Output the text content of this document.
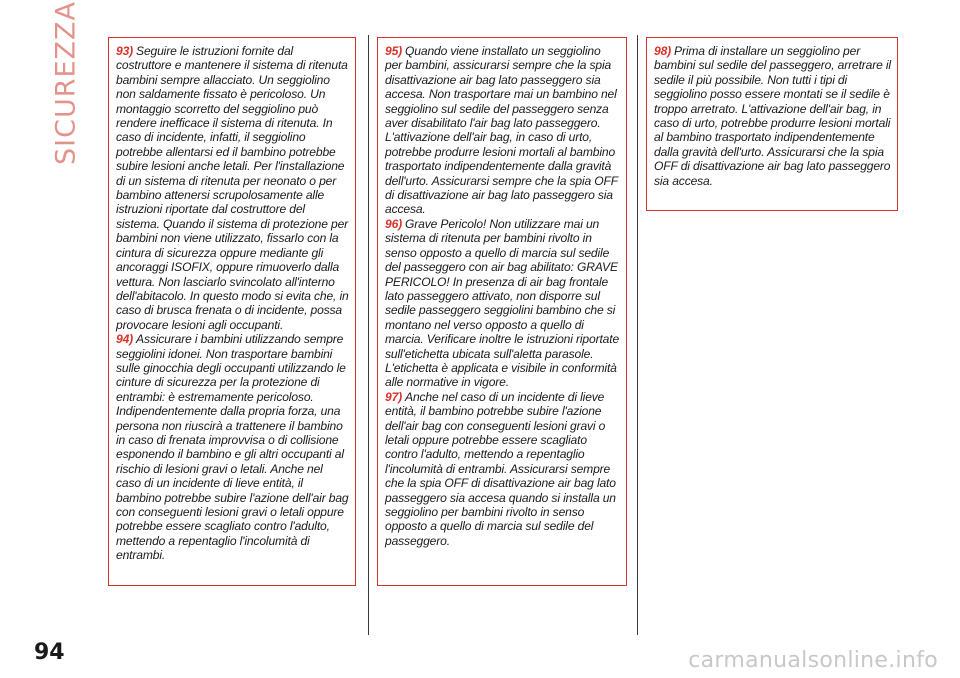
SICUREZZA	93) Seguire le istruzioni fornite dal costruttore e mantenere il sistema di ritenuta bambini sempre allacciato. Un seggiolino non saldamente fissato è pericoloso. Un montaggio scorretto del seggiolino può rendere inefficace il sistema di ritenuta. In caso di incidente, infatti, il seggiolino potrebbe allentarsi ed il bambino potrebbe subire lesioni anche letali. Per l'installazione di un sistema di ritenuta per neonato o per bambino attenersi scrupolosamente alle istruzioni riportate dal costruttore del sistema. Quando il sistema di protezione per bambini non viene utilizzato, fissarlo con la cintura di sicurezza oppure mediante gli ancoraggi ISOFIX, oppure rimuoverlo dalla vettura. Non lasciarlo svincolato all'interno dell'abitacolo. In questo modo si evita che, in caso di brusca frenata o di incidente, possa provocare lesioni agli occupanti.

94) Assicurare i bambini utilizzando sempre seggiolini idonei. Non trasportare bambini sulle ginocchia degli occupanti utilizzando le cinture di sicurezza per la protezione di entrambi: è estremamente pericoloso. Indipendentemente dalla propria forza, una persona non riuscirà a trattenere il bambino in caso di frenata improvvisa o di collisione esponendo il bambino e gli altri occupanti al rischio di lesioni gravi o letali. Anche nel caso di un incidente di lieve entità, il bambino potrebbe subire l'azione dell'air bag con conseguenti lesioni gravi o letali oppure potrebbe essere scagliato contro l'adulto, mettendo a repentaglio l'incolumità di entrambi.

95) Quando viene installato un seggiolino per bambini, assicurarsi sempre che la spia disattivazione air bag lato passeggero sia accesa. Non trasportare mai un bambino nel seggiolino sul sedile del passeggero senza aver disabilitato l'air bag lato passeggero. L'attivazione dell'air bag, in caso di urto, potrebbe produrre lesioni mortali al bambino trasportato indipendentemente dalla gravità dell'urto. Assicurarsi sempre che la spia OFF di disattivazione air bag lato passeggero sia accesa.

96) Grave Pericolo! Non utilizzare mai un sistema di ritenuta per bambini rivolto in senso opposto a quello di marcia sul sedile del passeggero con air bag abilitato: GRAVE PERICOLO! In presenza di air bag frontale lato passeggero attivato, non disporre sul sedile passeggero seggiolini bambino che si montano nel verso opposto a quello di marcia. Verificare inoltre le istruzioni riportate sull'etichetta ubicata sull'aletta parasole. L'etichetta è applicata e visibile in conformità alle normative in vigore.

97) Anche nel caso di un incidente di lieve entità, il bambino potrebbe subire l'azione dell'air bag con conseguenti lesioni gravi o letali oppure potrebbe essere scagliato contro l'adulto, mettendo a repentaglio l'incolumità di entrambi. Assicurarsi sempre che la spia OFF di disattivazione air bag lato passeggero sia accesa quando si installa un seggiolino per bambini rivolto in senso opposto a quello di marcia sul sedile del passeggero.

98) Prima di installare un seggiolino per bambini sul sedile del passeggero, arretrare il sedile il più possibile. Non tutti i tipi di seggiolino posso essere montati se il sedile è troppo arretrato. L'attivazione dell'air bag, in caso di urto, potrebbe produrre lesioni mortali al bambino trasportato indipendentemente dalla gravità dell'urto. Assicurarsi che la spia OFF di disattivazione air bag lato passeggero sia accesa.

94	carmanualsonline.info
